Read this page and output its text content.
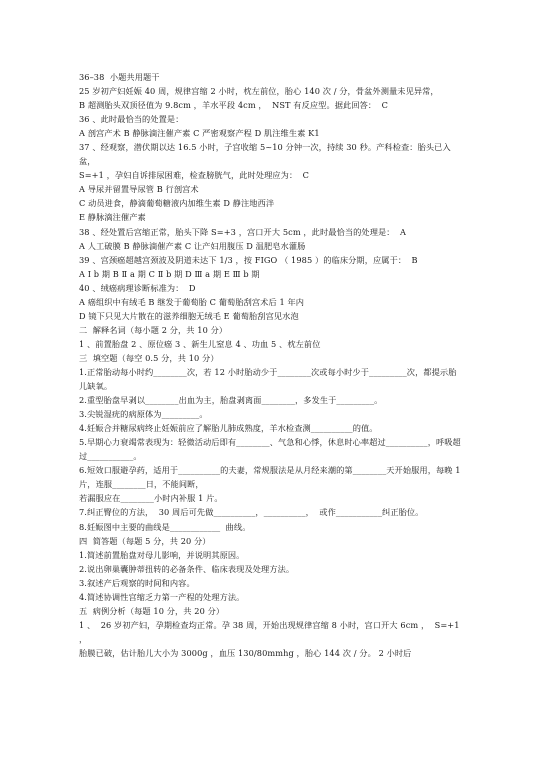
36–38  小题共用题干
25 岁初产妇妊娠 40 周，规律宫缩 2 小时，枕左前位，胎心 140 次 / 分，骨盆外测量未见异常，
B 超测胎头双顶径值为 9.8cm ，羊水平段 4cm ，  NST 有反应型。据此回答：  C
36 、此时最恰当的处置是：
A 剖宫产术 B 静脉滴注催产素 C 严密观察产程 D 肌注维生素 K1
37 、经观察，潜伏期以达 16.5 小时，子宫收缩 5~10 分钟一次，持续 30 秒。产科检查：胎头已入盆，
S=+1 ，孕妇自诉排尿困难，检查膀胱气，此时处理应为：  C
A 导尿并留置导尿管 B 行剖宫术
C 动员进食，静滴葡萄糖液内加维生素 D 静注地西泮
E 静脉滴注催产素
38 、经处置后宫缩正常，胎头下降 S=+3 ，宫口开大 5cm ，此时最恰当的处理是：  A
A 人工破膜 B 静脉滴催产素 C 让产妇用腹压 D 温肥皂水灌肠
39 、宫颈癌超越宫颈波及阴道未达下 1/3 ，按 FIGO （ 1985 ）的临床分期，应属于：  B
A Ⅰ b 期 B Ⅱ a 期 C Ⅱ b 期 D Ⅲ a 期 E Ⅲ b 期
40 、绒癌病理诊断标准为：  D
A 癌组织中有绒毛 B 继发于葡萄胎 C 葡萄胎刮宫术后 1 年内
D 镜下只见大片散在的滋养细胞无绒毛 E 葡萄胎刮宫见水泡
二  解释名词（每小题 2 分，共 10 分）
1 、前置胎盘 2 、原位癌 3 、新生儿窒息 4 、功血 5 、枕左前位
三  填空题（每空 0.5 分，共 10 分）
1.正常胎动每小时约________次，若 12 小时胎动少于________次或每小时少于_________次，都提示胎儿缺氧。
2.重型胎盘早剥以________出血为主，胎盘剥离面________，多发生于_________。
3.尖锐湿疣的病原体为_________。
4.妊娠合并糖尿病终止妊娠前应了解胎儿肺成熟度，羊水检查测__________的值。
5.早期心力衰竭常表现为：轻微活动后即有________、气急和心悸，休息时心率超过__________，呼吸超过___________。
6.短效口服避孕药，适用于__________的夫妻，常规服法是从月经来潮的第________天开始服用，每晚 1 片，连服________日，不能间断，
若漏服应在________小时内补服 1 片。
7.纠正臀位的方法，  30 周后可先做__________，__________，  或作___________纠正胎位。
8.妊娠图中主要的曲线是____________  曲线。
四  简答题（每题 5 分，共 20 分）
1.简述前置胎盘对母儿影响，并说明其原因。
2.说出卵巢囊肿蒂扭转的必备条件、临床表现及处理方法。
3.叙述产后观察的时间和内容。
4.简述协调性宫缩乏力第一产程的处理方法。
五  病例分析（每题 10 分，共 20 分）
1 、  26 岁初产妇，孕期检查均正常。孕 38 周，开始出现规律宫缩 8 小时，宫口开大 6cm ，  S=+1 ，
胎膜已破，估计胎儿大小为 3000g ，血压 130/80mmhg ，胎心 144 次 / 分。 2 小时后
